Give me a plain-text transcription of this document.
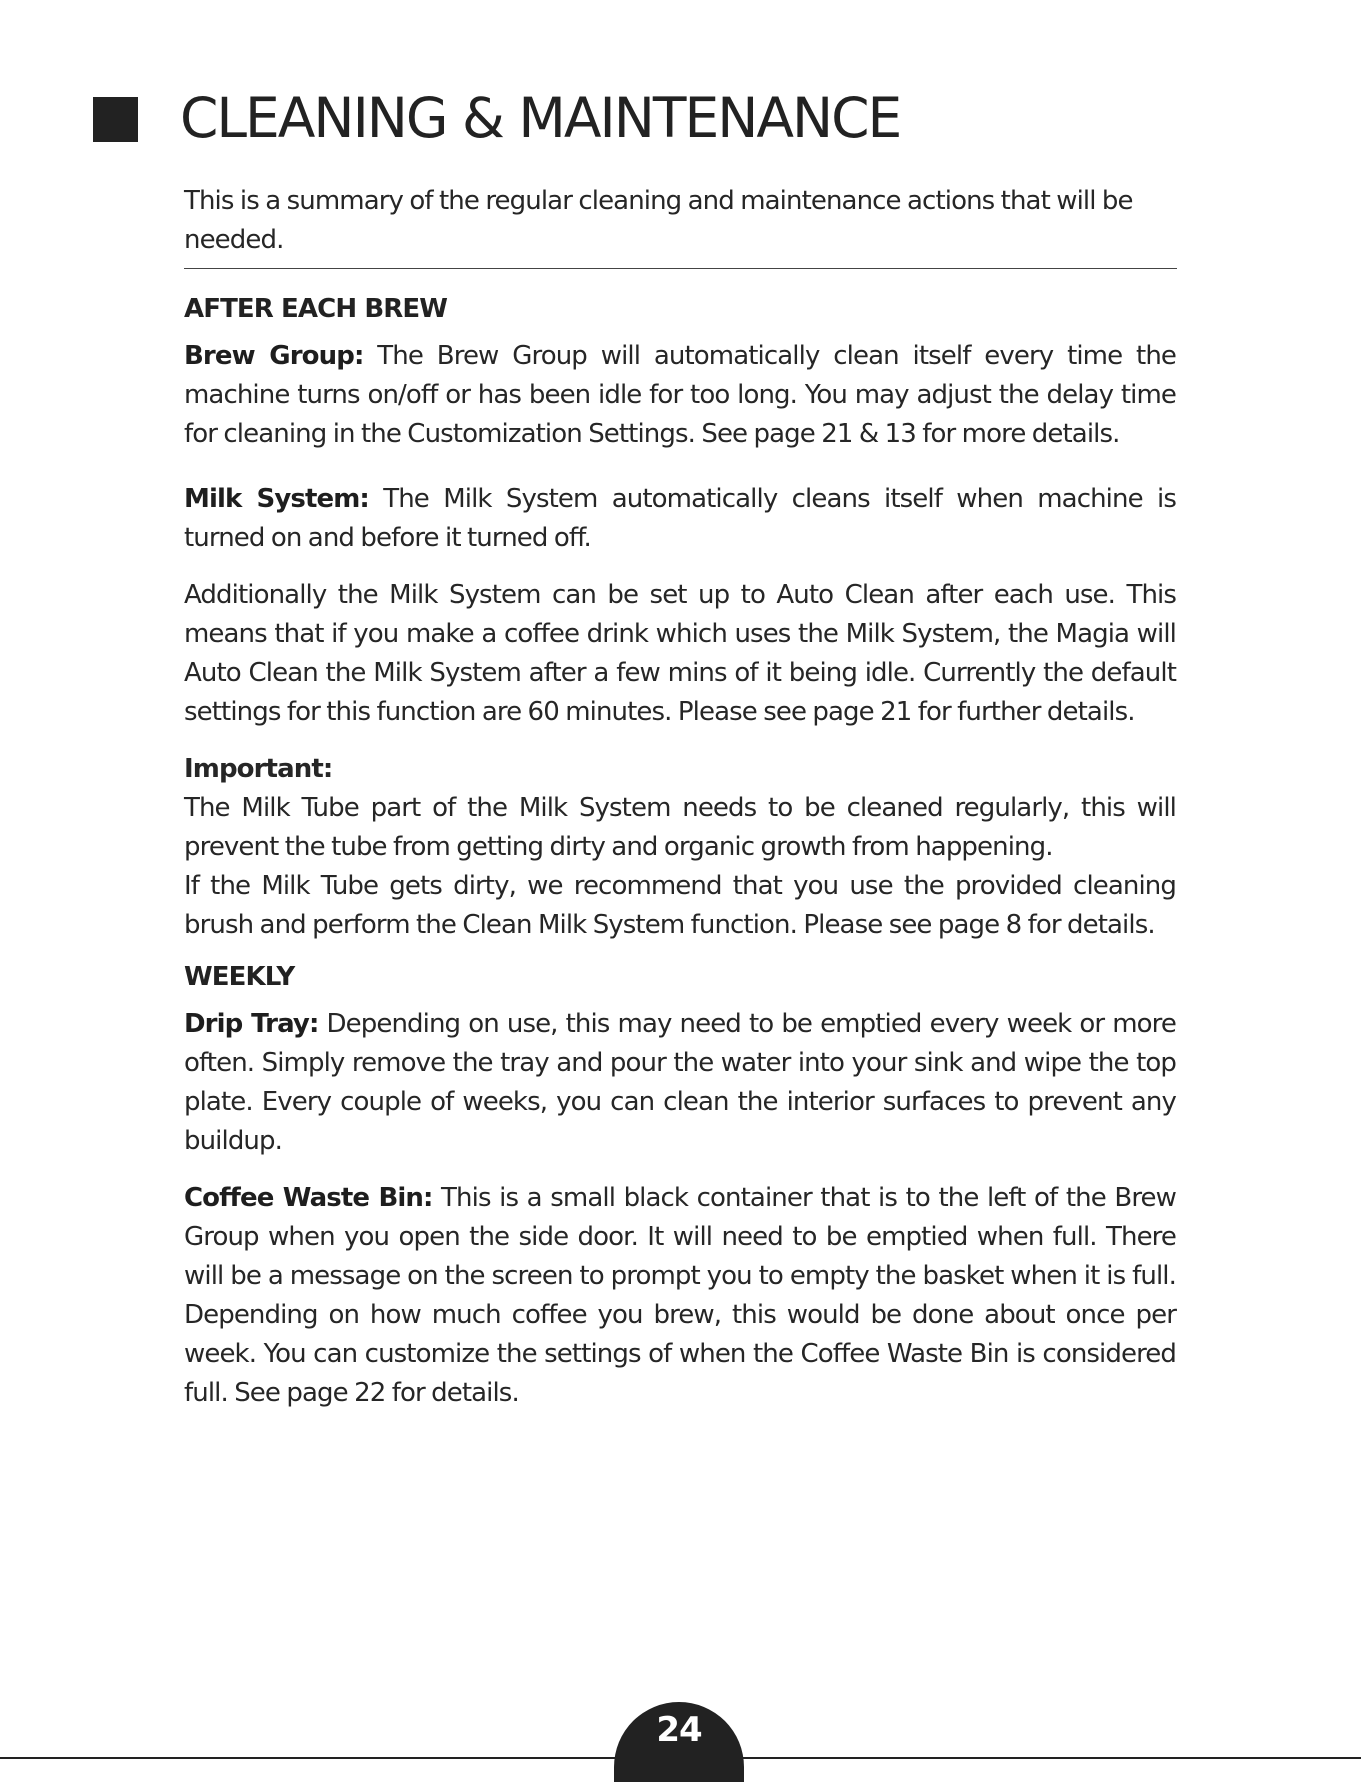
CLEANING & MAINTENANCE

This is a summary of the regular cleaning and maintenance actions that will be needed.

AFTER EACH BREW

Brew Group: The Brew Group will automatically clean itself every time the machine turns on/off or has been idle for too long. You may adjust the delay time for cleaning in the Customization Settings. See page 21 & 13 for more details.

Milk System: The Milk System automatically cleans itself when machine is turned on and before it turned off.

Additionally the Milk System can be set up to Auto Clean after each use. This means that if you make a coffee drink which uses the Milk System, the Magia will Auto Clean the Milk System after a few mins of it being idle. Currently the default settings for this function are 60 minutes. Please see page 21 for further details.

Important:

The Milk Tube part of the Milk System needs to be cleaned regularly, this will prevent the tube from getting dirty and organic growth from happening.

If the Milk Tube gets dirty, we recommend that you use the provided cleaning brush and perform the Clean Milk System function. Please see page 8 for details.

WEEKLY

Drip Tray: Depending on use, this may need to be emptied every week or more often. Simply remove the tray and pour the water into your sink and wipe the top plate. Every couple of weeks, you can clean the interior surfaces to prevent any buildup.

Coffee Waste Bin: This is a small black container that is to the left of the Brew Group when you open the side door. It will need to be emptied when full. There will be a message on the screen to prompt you to empty the basket when it is full. Depending on how much coffee you brew, this would be done about once per week. You can customize the settings of when the Coffee Waste Bin is considered full. See page 22 for details.

24
